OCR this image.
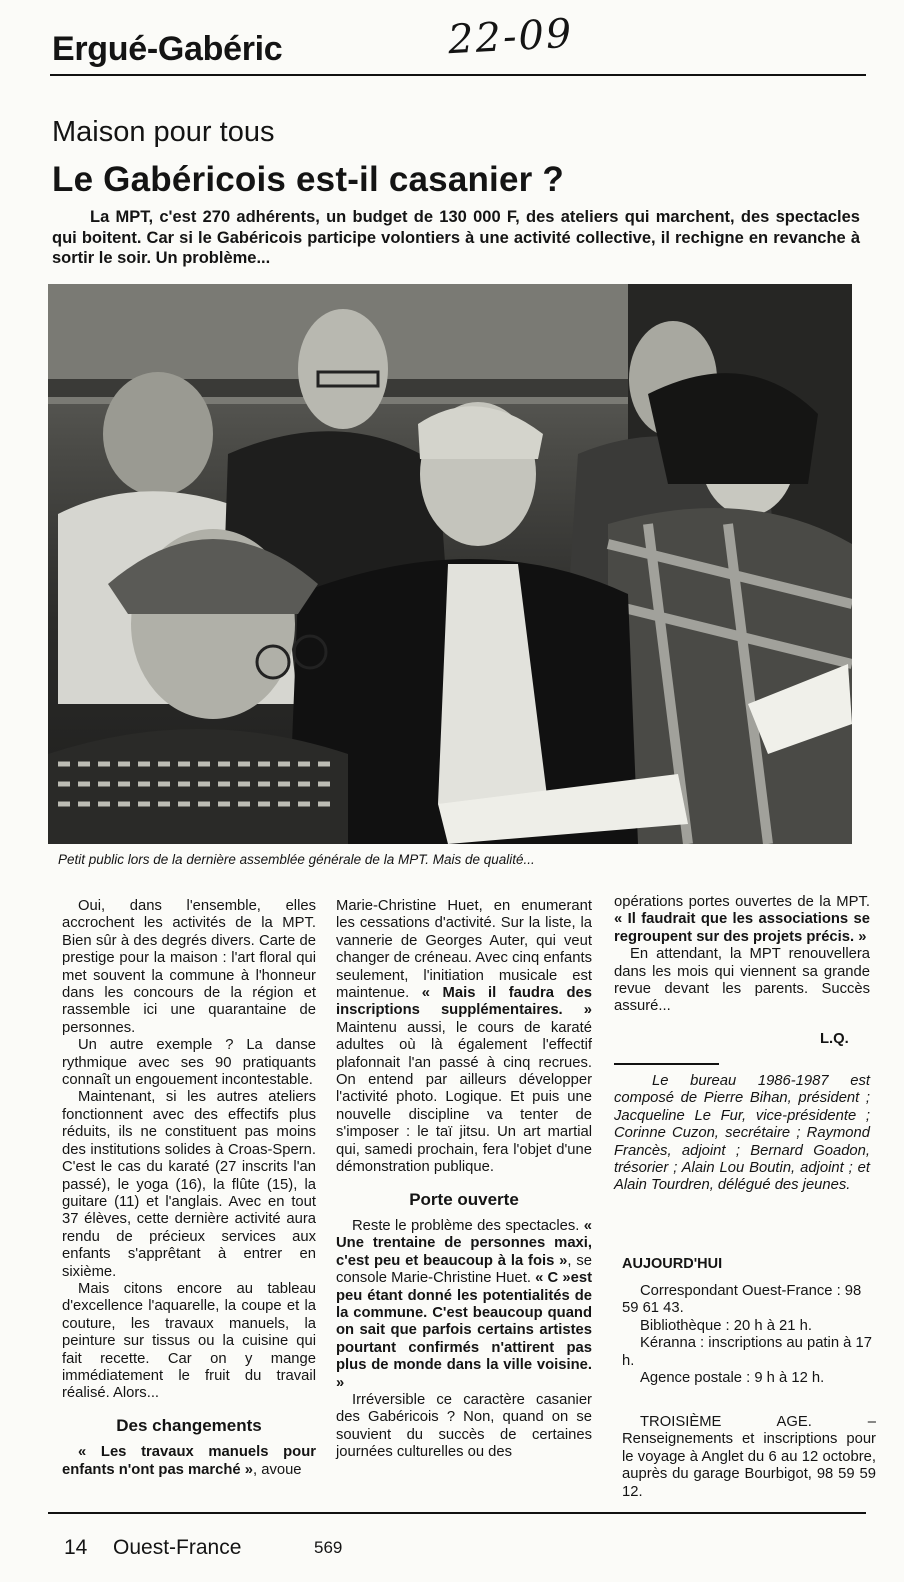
Ergué-Gabéric	22-09
Maison pour tous
Le Gabéricois est-il casanier ?
La MPT, c'est 270 adhérents, un budget de 130 000 F, des ateliers qui marchent, des spectacles qui boitent. Car si le Gabéricois participe volontiers à une activité collective, il rechigne en revanche à sortir le soir. Un problème...
Petit public lors de la dernière assemblée générale de la MPT. Mais de qualité...

Oui, dans l'ensemble, elles accrochent les activités de la MPT. Bien sûr à des degrés divers. Carte de prestige pour la maison : l'art floral qui met souvent la commune à l'honneur dans les concours de la région et rassemble ici une quarantaine de personnes.

Un autre exemple ? La danse rythmique avec ses 90 pratiquants connaît un engouement incontestable.

Maintenant, si les autres ateliers fonctionnent avec des effectifs plus réduits, ils ne constituent pas moins des institutions solides à Croas-Spern. C'est le cas du karaté (27 inscrits l'an passé), le yoga (16), la flûte (15), la guitare (11) et l'anglais. Avec en tout 37 élèves, cette dernière activité aura rendu de précieux services aux enfants s'apprêtant à entrer en sixième.

Mais citons encore au tableau d'excellence l'aquarelle, la coupe et la couture, les travaux manuels, la peinture sur tissus ou la cuisine qui fait recette. Car on y mange immédiatement le fruit du travail réalisé. Alors...

Des changements

« Les travaux manuels pour enfants n'ont pas marché », avoue

Marie-Christine Huet, en enumerant les cessations d'activité. Sur la liste, la vannerie de Georges Auter, qui veut changer de créneau. Avec cinq enfants seulement, l'initiation musicale est maintenue. « Mais il faudra des inscriptions supplémentaires. » Maintenu aussi, le cours de karaté adultes où là également l'effectif plafonnait l'an passé à cinq recrues. On entend par ailleurs développer l'activité photo. Logique. Et puis une nouvelle discipline va tenter de s'imposer : le taï jitsu. Un art martial qui, samedi prochain, fera l'objet d'une démonstration publique.

Porte ouverte

Reste le problème des spectacles. « Une trentaine de personnes maxi, c'est peu et beaucoup à la fois », se console Marie-Christine Huet. « C »est peu étant donné les potentialités de la commune. C'est beaucoup quand on sait que parfois certains artistes pourtant confirmés n'attirent pas plus de monde dans la ville voisine. »

Irréversible ce caractère casanier des Gabéricois ? Non, quand on se souvient du succès de certaines journées culturelles ou des

opérations portes ouvertes de la MPT. « Il faudrait que les associations se regroupent sur des projets précis. »

En attendant, la MPT renouvellera dans les mois qui viennent sa grande revue devant les parents. Succès assuré...

L.Q.
Le bureau 1986-1987 est composé de Pierre Bihan, président ; Jacqueline Le Fur, vice-présidente ; Corinne Cuzon, secrétaire ; Raymond Francès, adjoint ; Bernard Goadon, trésorier ; Alain Lou Boutin, adjoint ; et Alain Tourdren, délégué des jeunes.
AUJOURD'HUI

Correspondant Ouest-France : 98 59 61 43.

Bibliothèque : 20 h à 21 h.

Kéranna : inscriptions au patin à 17 h.

Agence postale : 9 h à 12 h.

TROISIÈME AGE. – Renseignements et inscriptions pour le voyage à Anglet du 6 au 12 octobre, auprès du garage Bourbigot, 98 59 59 12.
14 Ouest-France	569
